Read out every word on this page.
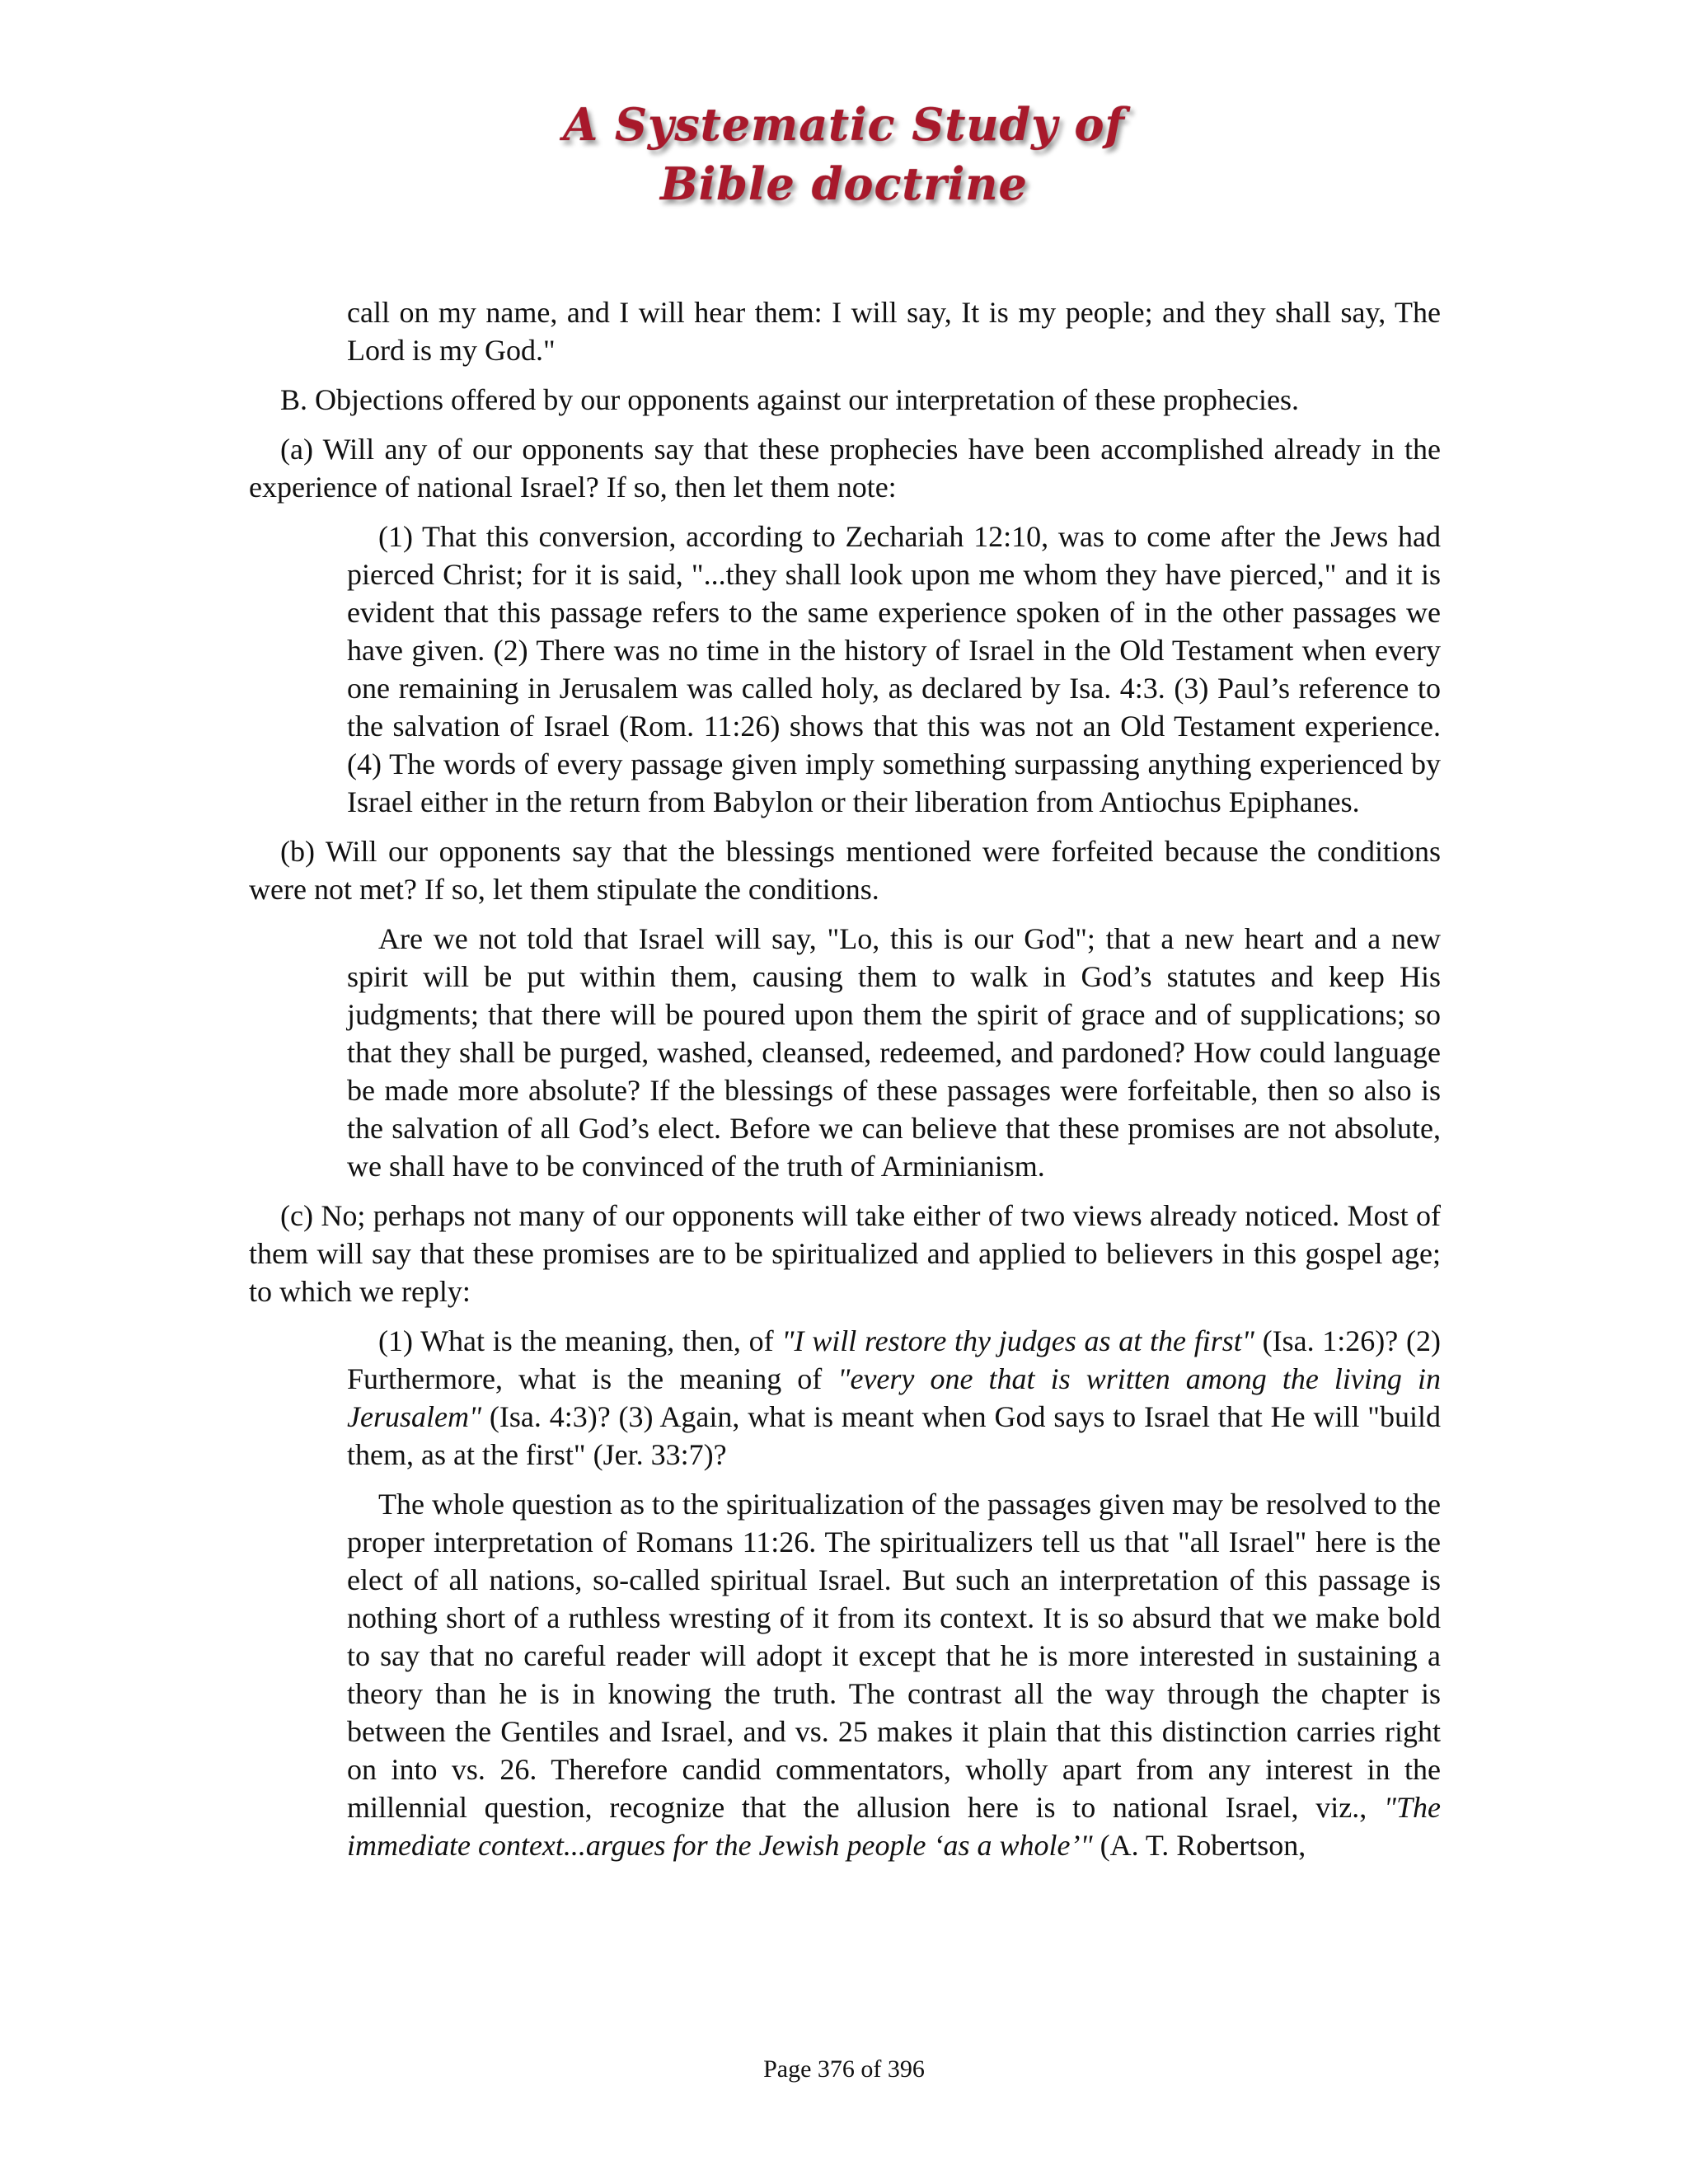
A Systematic Study of
Bible doctrine

call on my name, and I will hear them: I will say, It is my people; and they shall say, The Lord is my God."

B. Objections offered by our opponents against our interpretation of these prophecies.

(a) Will any of our opponents say that these prophecies have been accomplished already in the experience of national Israel? If so, then let them note:

(1) That this conversion, according to Zechariah 12:10, was to come after the Jews had pierced Christ; for it is said, "...they shall look upon me whom they have pierced," and it is evident that this passage refers to the same experience spoken of in the other passages we have given. (2) There was no time in the history of Israel in the Old Testament when every one remaining in Jerusalem was called holy, as declared by Isa. 4:3. (3) Paul’s reference to the salvation of Israel (Rom. 11:26) shows that this was not an Old Testament experience. (4) The words of every passage given imply something surpassing anything experienced by Israel either in the return from Babylon or their liberation from Antiochus Epiphanes.

(b) Will our opponents say that the blessings mentioned were forfeited because the conditions were not met? If so, let them stipulate the conditions.

Are we not told that Israel will say, "Lo, this is our God"; that a new heart and a new spirit will be put within them, causing them to walk in God’s statutes and keep His judgments; that there will be poured upon them the spirit of grace and of supplications; so that they shall be purged, washed, cleansed, redeemed, and pardoned? How could language be made more absolute? If the blessings of these passages were forfeitable, then so also is the salvation of all God’s elect. Before we can believe that these promises are not absolute, we shall have to be convinced of the truth of Arminianism.

(c) No; perhaps not many of our opponents will take either of two views already noticed. Most of them will say that these promises are to be spiritualized and applied to believers in this gospel age; to which we reply:

(1) What is the meaning, then, of "I will restore thy judges as at the first" (Isa. 1:26)? (2) Furthermore, what is the meaning of "every one that is written among the living in Jerusalem" (Isa. 4:3)? (3) Again, what is meant when God says to Israel that He will "build them, as at the first" (Jer. 33:7)?

The whole question as to the spiritualization of the passages given may be resolved to the proper interpretation of Romans 11:26. The spiritualizers tell us that "all Israel" here is the elect of all nations, so-called spiritual Israel. But such an interpretation of this passage is nothing short of a ruthless wresting of it from its context. It is so absurd that we make bold to say that no careful reader will adopt it except that he is more interested in sustaining a theory than he is in knowing the truth. The contrast all the way through the chapter is between the Gentiles and Israel, and vs. 25 makes it plain that this distinction carries right on into vs. 26. Therefore candid commentators, wholly apart from any interest in the millennial question, recognize that the allusion here is to national Israel, viz., "The immediate context...argues for the Jewish people ‘as a whole’" (A. T. Robertson,

Page 376 of 396
